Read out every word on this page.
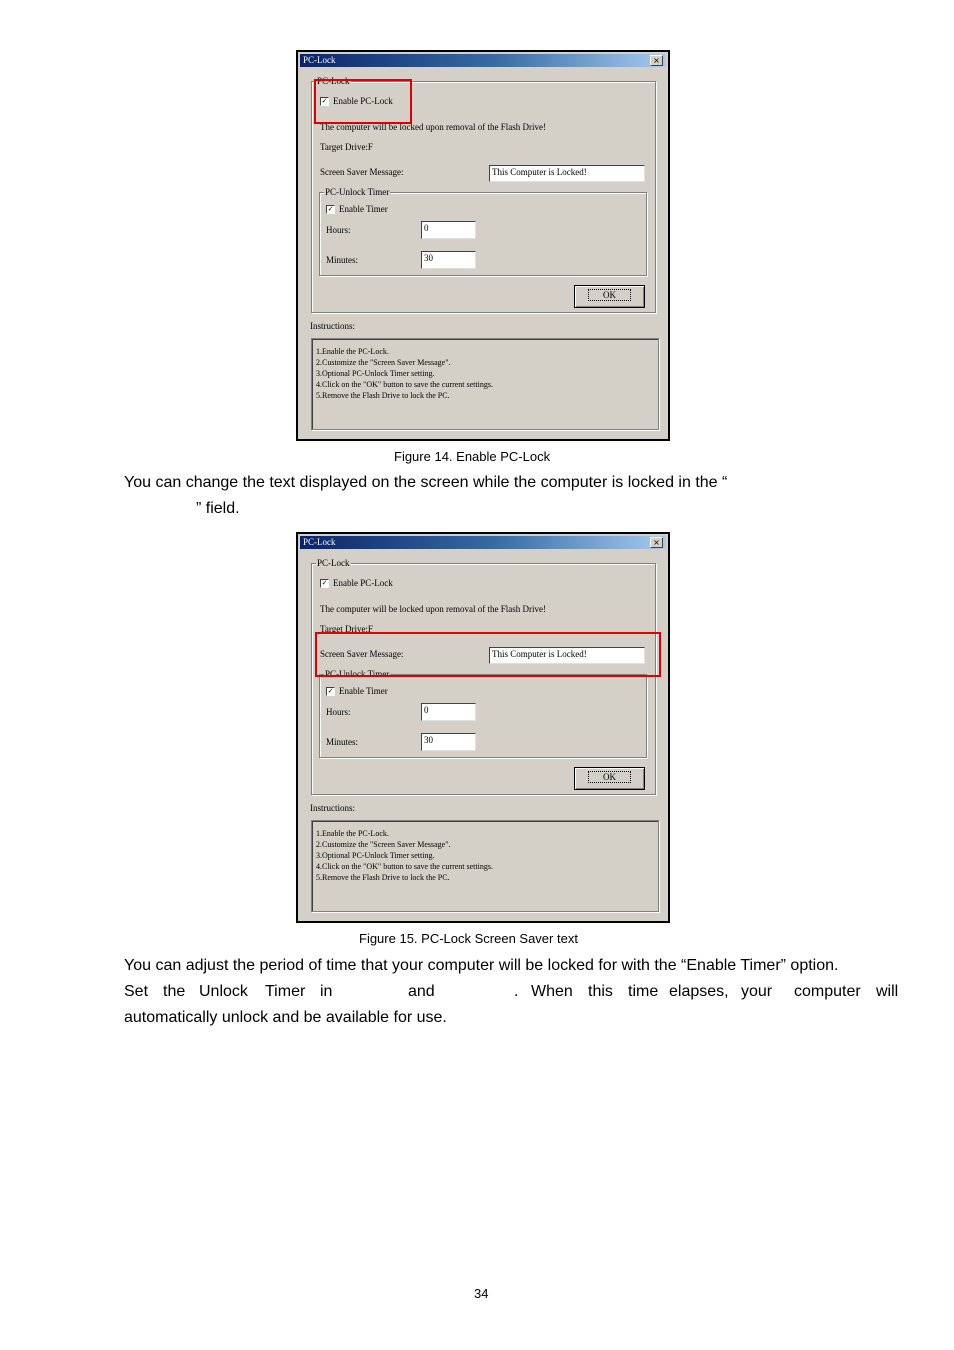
PC-Lock	×
PC-Lock
✓ Enable PC-Lock
The computer will be locked upon removal of the Flash Drive!
Target Drive:F
Screen Saver Message:	This Computer is Locked!
PC-Unlock Timer
✓ Enable Timer
Hours:	0
Minutes:	30
OK
Instructions:
1.Enable the PC-Lock.
2.Customize the "Screen Saver Message".
3.Optional PC-Unlock Timer setting.
4.Click on the "OK" button to save the current settings.
5.Remove the Flash Drive to lock the PC.
Figure 14. Enable PC-Lock
You can change the text displayed on the screen while the computer is locked in the “
” field.
PC-Lock	×
PC-Lock
✓ Enable PC-Lock
The computer will be locked upon removal of the Flash Drive!
Target Drive:F
Screen Saver Message:	This Computer is Locked!
PC-Unlock Timer
✓ Enable Timer
Hours:	0
Minutes:	30
OK
Instructions:
1.Enable the PC-Lock.
2.Customize the "Screen Saver Message".
3.Optional PC-Unlock Timer setting.
4.Click on the "OK" button to save the current settings.
5.Remove the Flash Drive to lock the PC.
Figure 15. PC-Lock Screen Saver text
You can adjust the period of time that your computer will be locked for with the “Enable Timer” option.
Set the Unlock Timer in	and	. When this time elapses, your computer will
automatically unlock and be available for use.
34
